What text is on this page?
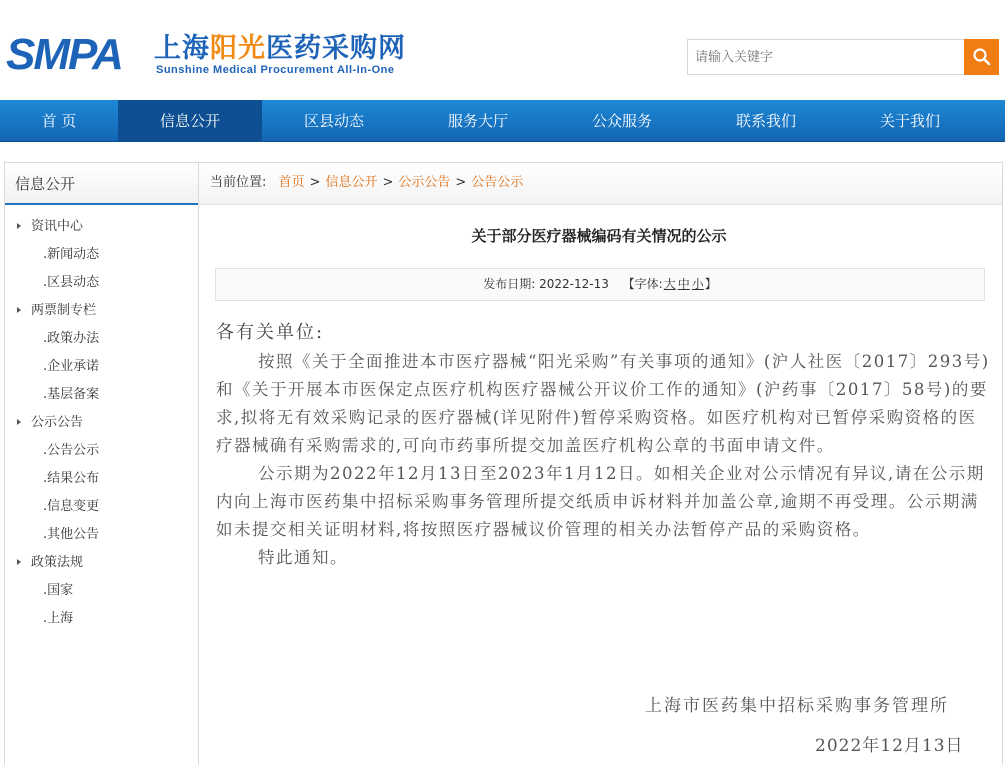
SMPA 上海阳光医药采购网
Sunshine Medical Procurement All-In-One
请输入关键字
首 页	信息公开	区县动态	服务大厅	公众服务	联系我们	关于我们
信息公开
资讯中心
.新闻动态
.区县动态
两票制专栏
.政策办法
.企业承诺
.基层备案
公示公告
.公告公示
.结果公布
.信息变更
.其他公告
政策法规
.国家
.上海
当前位置: 首页 > 信息公开 > 公示公告 > 公告公示
关于部分医疗器械编码有关情况的公示
发布日期: 2022-12-13 【字体:大 中 小】
各有关单位:
按照《关于全面推进本市医疗器械“阳光采购”有关事项的通知》(沪人社医〔2017〕293号)和《关于开展本市医保定点医疗机构医疗器械公开议价工作的通知》(沪药事〔2017〕58号)的要求,拟将无有效采购记录的医疗器械(详见附件)暂停采购资格。如医疗机构对已暂停采购资格的医疗器械确有采购需求的,可向市药事所提交加盖医疗机构公章的书面申请文件。
公示期为2022年12月13日至2023年1月12日。如相关企业对公示情况有异议,请在公示期内向上海市医药集中招标采购事务管理所提交纸质申诉材料并加盖公章,逾期不再受理。公示期满如未提交相关证明材料,将按照医疗器械议价管理的相关办法暂停产品的采购资格。
特此通知。
上海市医药集中招标采购事务管理所
2022年12月13日
